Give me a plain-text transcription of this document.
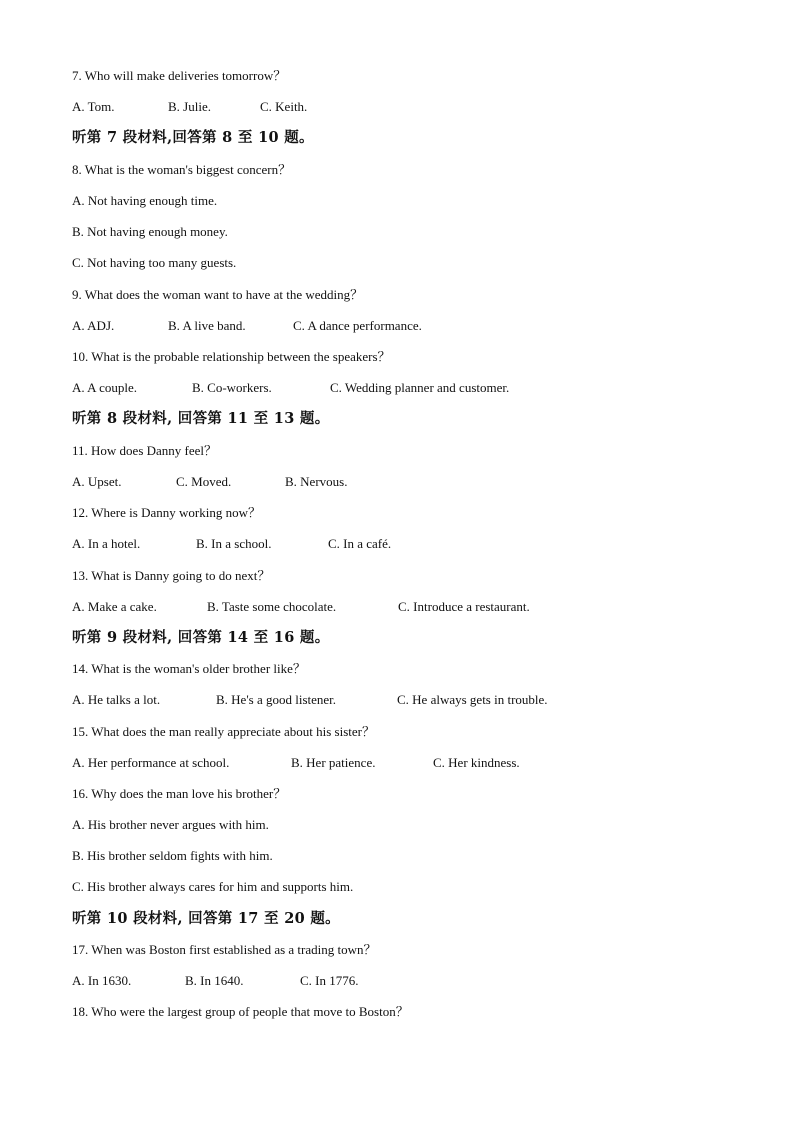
7. Who will make deliveries tomorrow？
A. Tom.	B. Julie.	C. Keith.
听第 7 段材料,回答第 8 至 10 题。
8. What is the woman's biggest concern？
A. Not having enough time.
B. Not having enough money.
C. Not having too many guests.
9. What does the woman want to have at the wedding？
A. ADJ.	B. A live band.	C. A dance performance.
10. What is the probable relationship between the speakers？
A. A couple.	B. Co-workers.	C. Wedding planner and customer.
听第 8 段材料, 回答第 11 至 13 题。
11. How does Danny feel？
A. Upset.	C. Moved.	B. Nervous.
12. Where is Danny working now？
A. In a hotel.	B. In a school.	C. In a café.
13. What is Danny going to do next？
A. Make a cake.	B. Taste some chocolate.	C. Introduce a restaurant.
听第 9 段材料, 回答第 14 至 16 题。
14. What is the woman's older brother like？
A. He talks a lot.	B. He's a good listener.	C. He always gets in trouble.
15. What does the man really appreciate about his sister？
A. Her performance at school.	B. Her patience.	C. Her kindness.
16. Why does the man love his brother？
A. His brother never argues with him.
B. His brother seldom fights with him.
C. His brother always cares for him and supports him.
听第 10 段材料, 回答第 17 至 20 题。
17. When was Boston first established as a trading town？
A. In 1630.	B. In 1640.	C. In 1776.
18. Who were the largest group of people that move to Boston？
